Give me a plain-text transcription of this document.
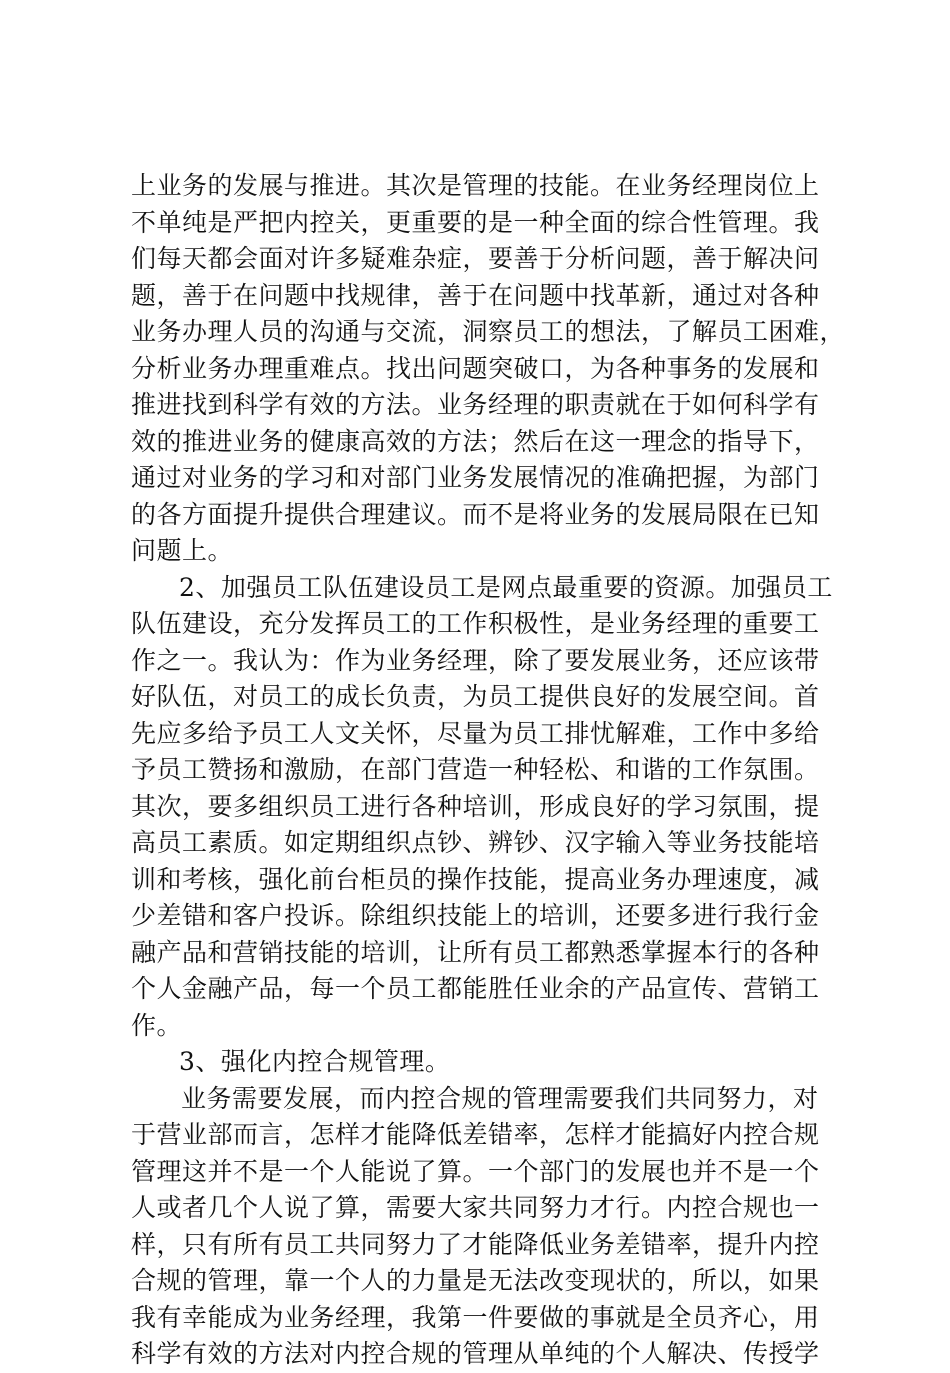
上业务的发展与推进。其次是管理的技能。在业务经理岗位上
不单纯是严把内控关，更重要的是一种全面的综合性管理。我
们每天都会面对许多疑难杂症，要善于分析问题，善于解决问
题，善于在问题中找规律，善于在问题中找革新，通过对各种
业务办理人员的沟通与交流，洞察员工的想法，了解员工困难，
分析业务办理重难点。找出问题突破口，为各种事务的发展和
推进找到科学有效的方法。业务经理的职责就在于如何科学有
效的推进业务的健康高效的方法；然后在这一理念的指导下，
通过对业务的学习和对部门业务发展情况的准确把握，为部门
的各方面提升提供合理建议。而不是将业务的发展局限在已知
问题上。
2、加强员工队伍建设员工是网点最重要的资源。加强员工
队伍建设，充分发挥员工的工作积极性，是业务经理的重要工
作之一。我认为：作为业务经理，除了要发展业务，还应该带
好队伍，对员工的成长负责，为员工提供良好的发展空间。首
先应多给予员工人文关怀，尽量为员工排忧解难，工作中多给
予员工赞扬和激励，在部门营造一种轻松、和谐的工作氛围。
其次，要多组织员工进行各种培训，形成良好的学习氛围，提
高员工素质。如定期组织点钞、辨钞、汉字输入等业务技能培
训和考核，强化前台柜员的操作技能，提高业务办理速度，减
少差错和客户投诉。除组织技能上的培训，还要多进行我行金
融产品和营销技能的培训，让所有员工都熟悉掌握本行的各种
个人金融产品，每一个员工都能胜任业余的产品宣传、营销工
作。
3、强化内控合规管理。
业务需要发展，而内控合规的管理需要我们共同努力，对
于营业部而言，怎样才能降低差错率，怎样才能搞好内控合规
管理这并不是一个人能说了算。一个部门的发展也并不是一个
人或者几个人说了算，需要大家共同努力才行。内控合规也一
样，只有所有员工共同努力了才能降低业务差错率，提升内控
合规的管理，靠一个人的力量是无法改变现状的，所以，如果
我有幸能成为业务经理，我第一件要做的事就是全员齐心，用
科学有效的方法对内控合规的管理从单纯的个人解决、传授学
